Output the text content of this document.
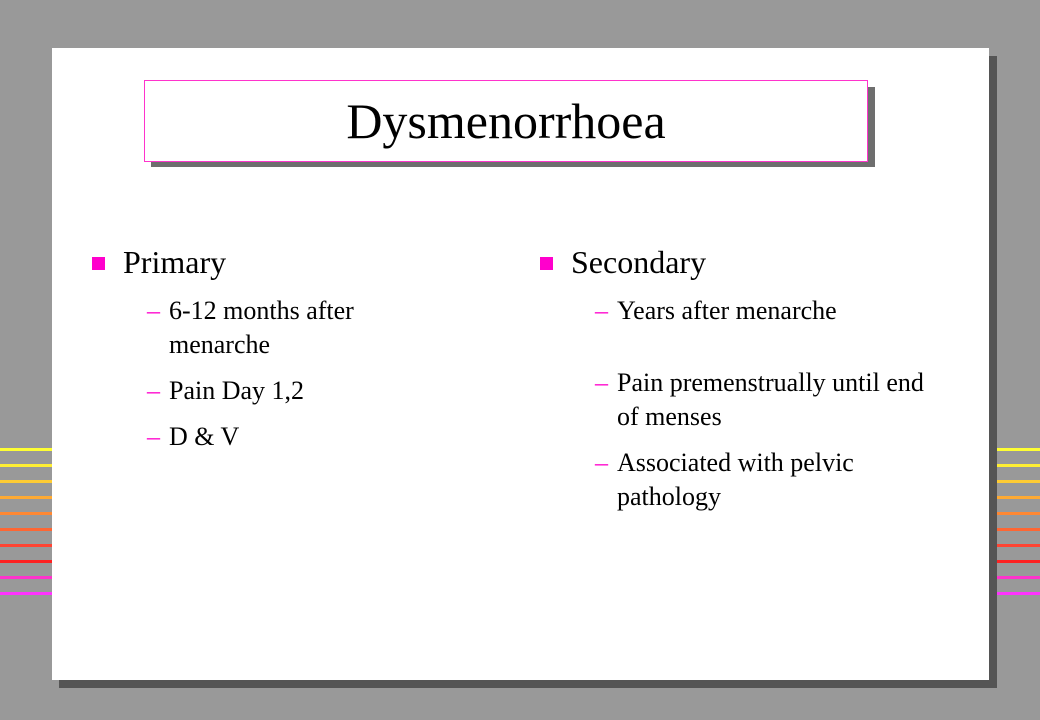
Dysmenorrhoea
Primary
– 6-12 months after menarche
– Pain Day 1,2
– D & V
Secondary
– Years after menarche
– Pain premenstrually until end of menses
– Associated with pelvic pathology
